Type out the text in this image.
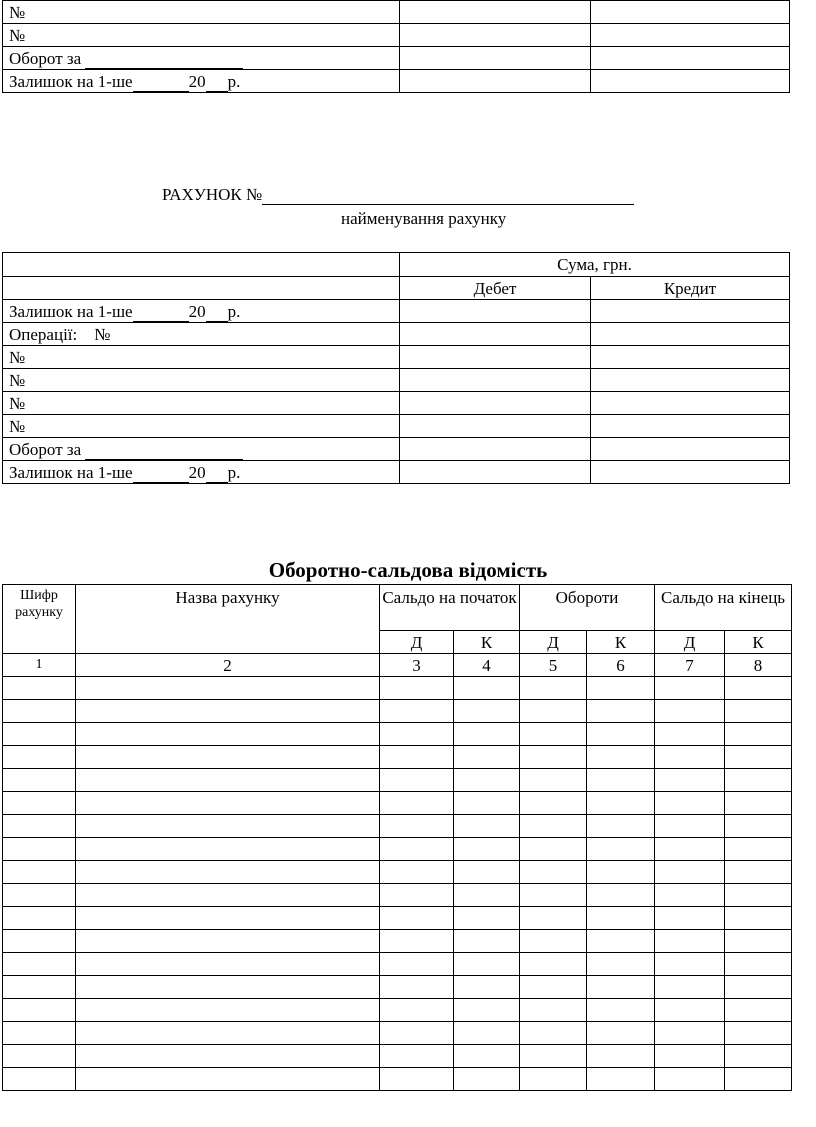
№		
№		
Оборот за		
Залишок на 1-ше 20 р.		
РАХУНОК №
найменування рахунку
	Сума, грн.	
	Дебет	Кредит
Залишок на 1-ше 20 р.		
Операції: №		
№		
№		
№		
№		
Оборот за		
Залишок на 1-ше 20 р.		
Оборотно-сальдова відомість
Шифр рахунку	Назва рахунку	Сальдо на початок		Обороти		Сальдо на кінець	
		Д	К	Д	К	Д	К
1	2	3	4	5	6	7	8
